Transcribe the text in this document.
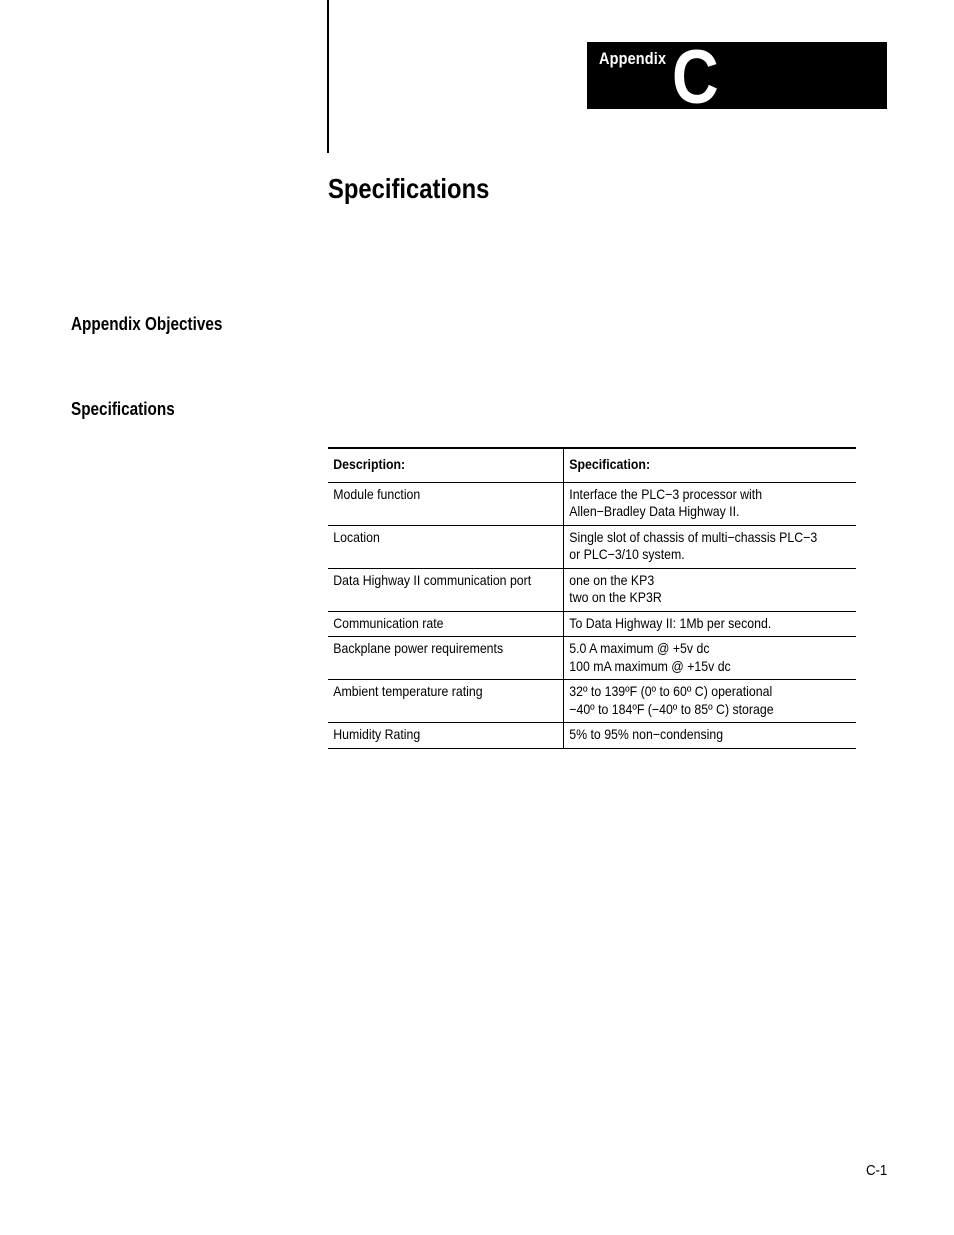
Appendix C
Specifications
Appendix Objectives
Specifications
Description:	Specification:

Module function	Interface the PLC−3 processor with
Allen−Bradley Data Highway II.

Location	Single slot of chassis of multi−chassis PLC−3
or PLC−3/10 system.

Data Highway II communication port	one on the KP3
two on the KP3R

Communication rate	To Data Highway II: 1Mb per second.

Backplane power requirements	5.0 A maximum @ +5v dc
100 mA maximum @ +15v dc

Ambient temperature rating	32º to 139ºF (0º to 60º C) operational
−40º to 184ºF (−40º to 85º C) storage

Humidity Rating	5% to 95% non−condensing
C-1
